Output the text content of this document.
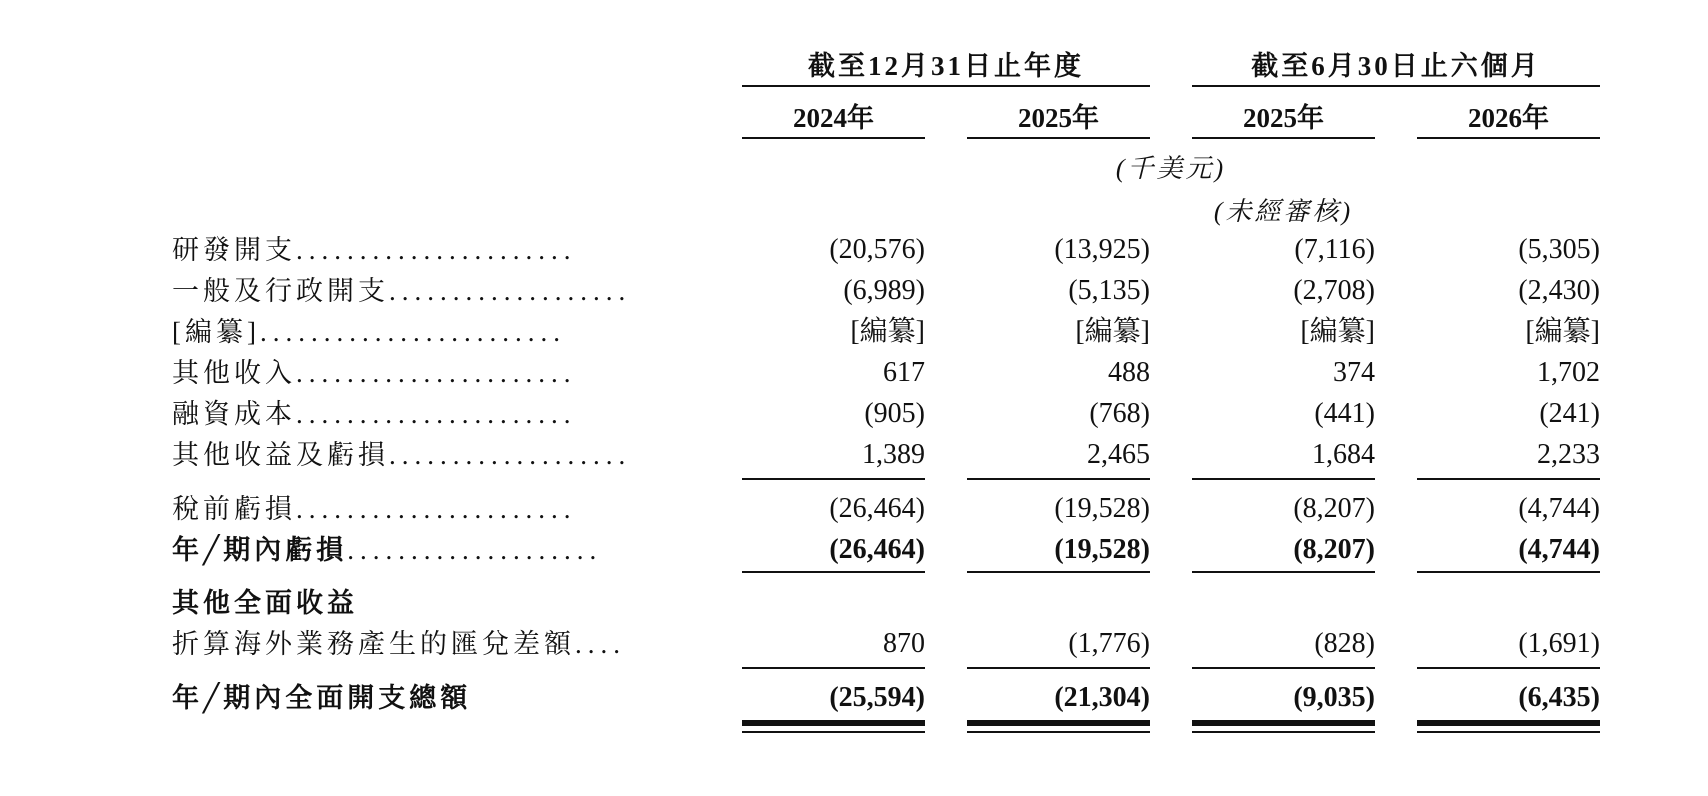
截至12月31日止年度	截至6月30日止六個月
2024年	2025年	2025年	2026年
(千美元)
(未經審核)
研發開支......................	(20,576)	(13,925)	(7,116)	(5,305)
一般及行政開支...................	(6,989)	(5,135)	(2,708)	(2,430)
[編纂]........................	[編纂]	[編纂]	[編纂]	[編纂]
其他收入......................	617	488	374	1,702
融資成本......................	(905)	(768)	(441)	(241)
其他收益及虧損...................	1,389	2,465	1,684	2,233
稅前虧損......................	(26,464)	(19,528)	(8,207)	(4,744)
年╱期內虧損....................	(26,464)	(19,528)	(8,207)	(4,744)
其他全面收益
折算海外業務產生的匯兌差額....	870	(1,776)	(828)	(1,691)
年╱期內全面開支總額	(25,594)	(21,304)	(9,035)	(6,435)
